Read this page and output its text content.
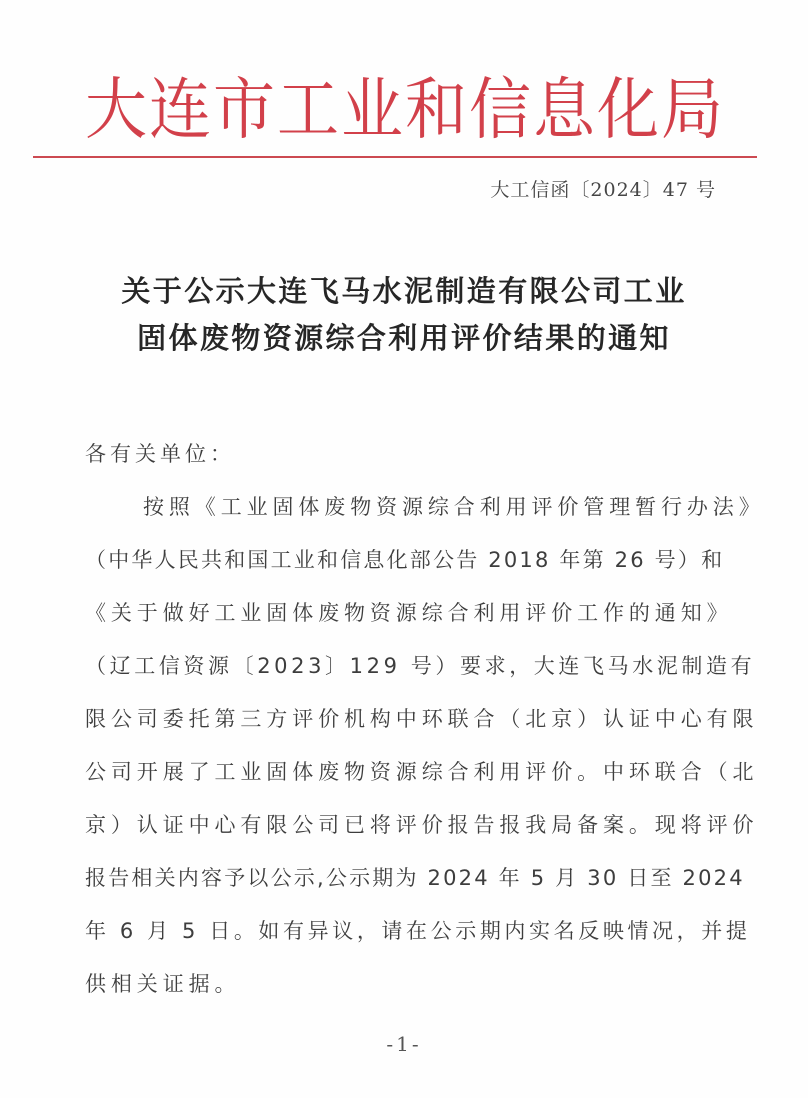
大 连 市 工 业 和 信 息 化 局
大工信函〔2024〕47 号
关于公示大连飞马水泥制造有限公司工业
固体废物资源综合利用评价结果的通知
各有关单位：
按照《工业固体废物资源综合利用评价管理暂行办法》
（中华人民共和国工业和信息化部公告 2018 年第 26 号）和
《关于做好工业固体废物资源综合利用评价工作的通知》
（辽工信资源〔2023〕129 号）要求，大连飞马水泥制造有
限公司委托第三方评价机构中环联合（北京）认证中心有限
公司开展了工业固体废物资源综合利用评价。中环联合（北
京）认证中心有限公司已将评价报告报我局备案。现将评价
报告相关内容予以公示,公示期为 2024 年 5 月 30 日至 2024
年 6 月 5 日。如有异议，请在公示期内实名反映情况，并提
供相关证据。
-1-
